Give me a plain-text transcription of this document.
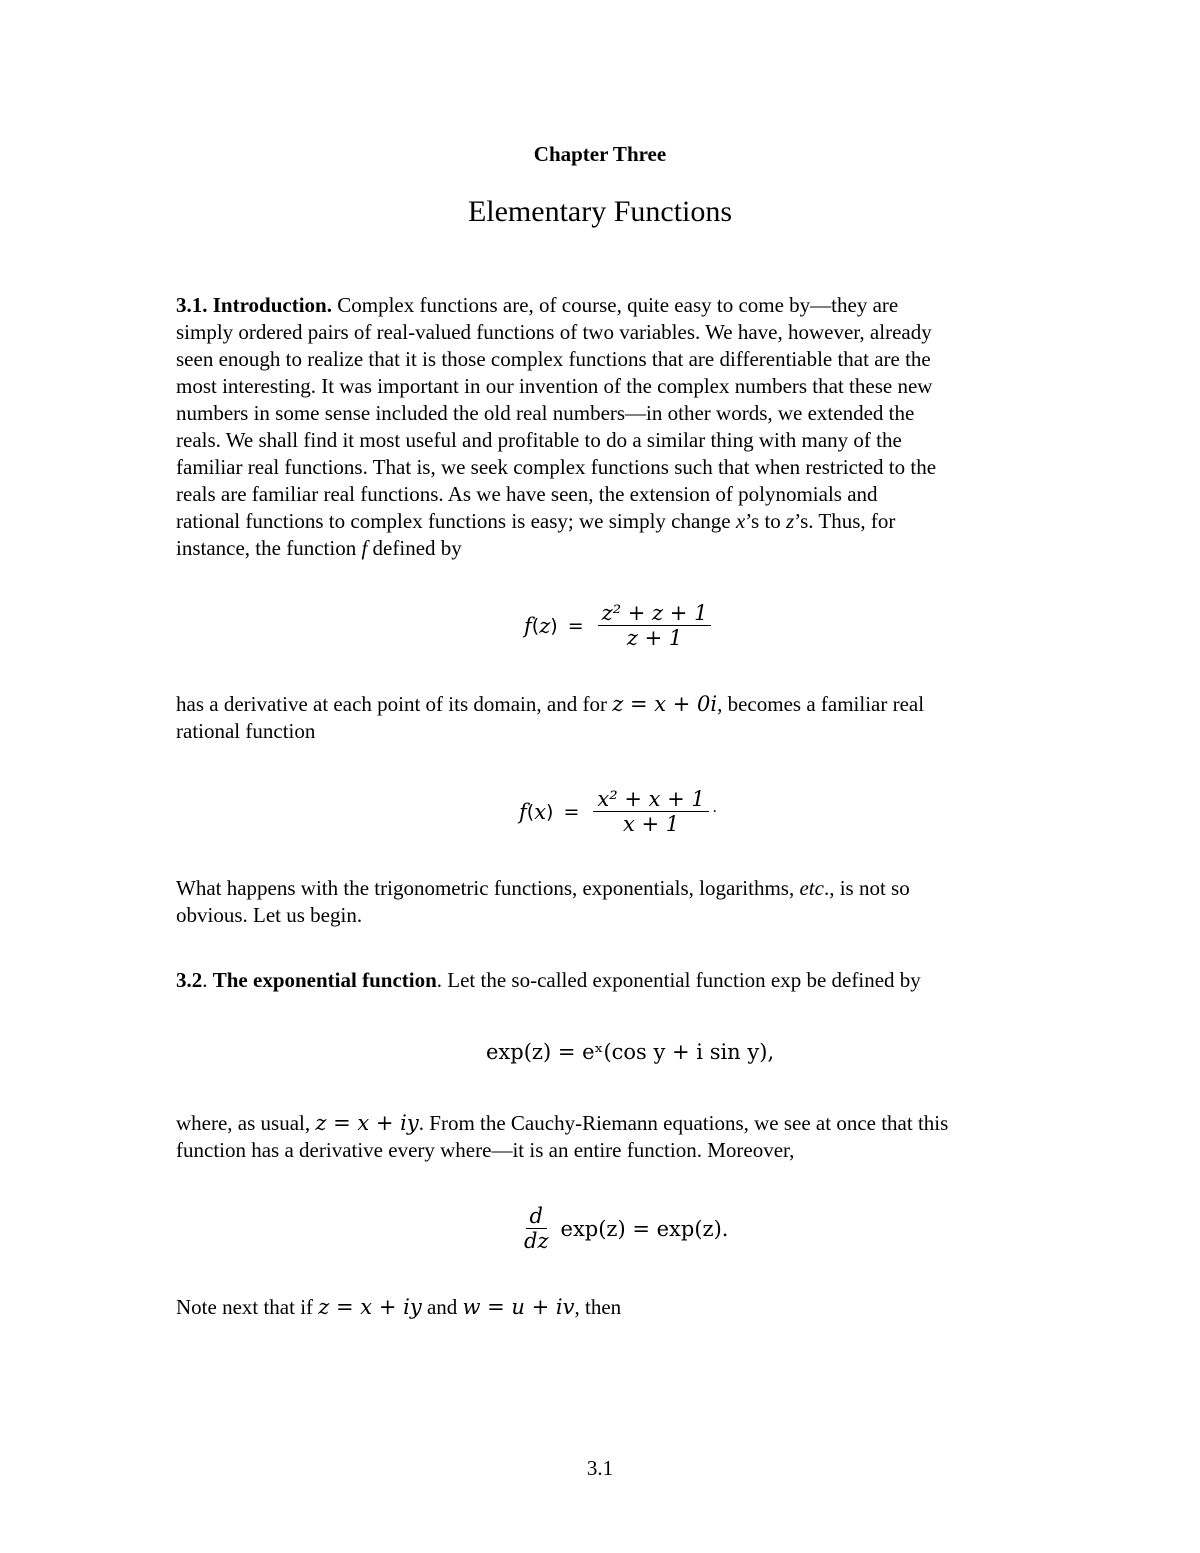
Chapter Three
Elementary Functions
3.1. Introduction. Complex functions are, of course, quite easy to come by—they are
simply ordered pairs of real-valued functions of two variables. We have, however, already
seen enough to realize that it is those complex functions that are differentiable that are the
most interesting. It was important in our invention of the complex numbers that these new
numbers in some sense included the old real numbers—in other words, we extended the
reals. We shall find it most useful and profitable to do a similar thing with many of the
familiar real functions. That is, we seek complex functions such that when restricted to the
reals are familiar real functions. As we have seen, the extension of polynomials and
rational functions to complex functions is easy; we simply change x’s to z’s. Thus, for
instance, the function f defined by
f ( z ) = $\frac{\text{z² + z + 1}}{z + 1}$
has a derivative at each point of its domain, and for z = x + 0i, becomes a familiar real
rational function
f ( x ) = $\frac{\text{x² + x + 1}}{x + 1}$ .
What happens with the trigonometric functions, exponentials, logarithms, etc., is not so
obvious. Let us begin.
3.2. The exponential function. Let the so-called exponential function exp be defined by
exp(z) = eˣ(cos y + i sin y),
where, as usual, z = x + iy. From the Cauchy-Riemann equations, we see at once that this
function has a derivative every where—it is an entire function. Moreover,
$\frac{d}{dz} \exp(z) = \exp(z)$.
Note next that if z = x + iy and w = u + iv, then
3.1
